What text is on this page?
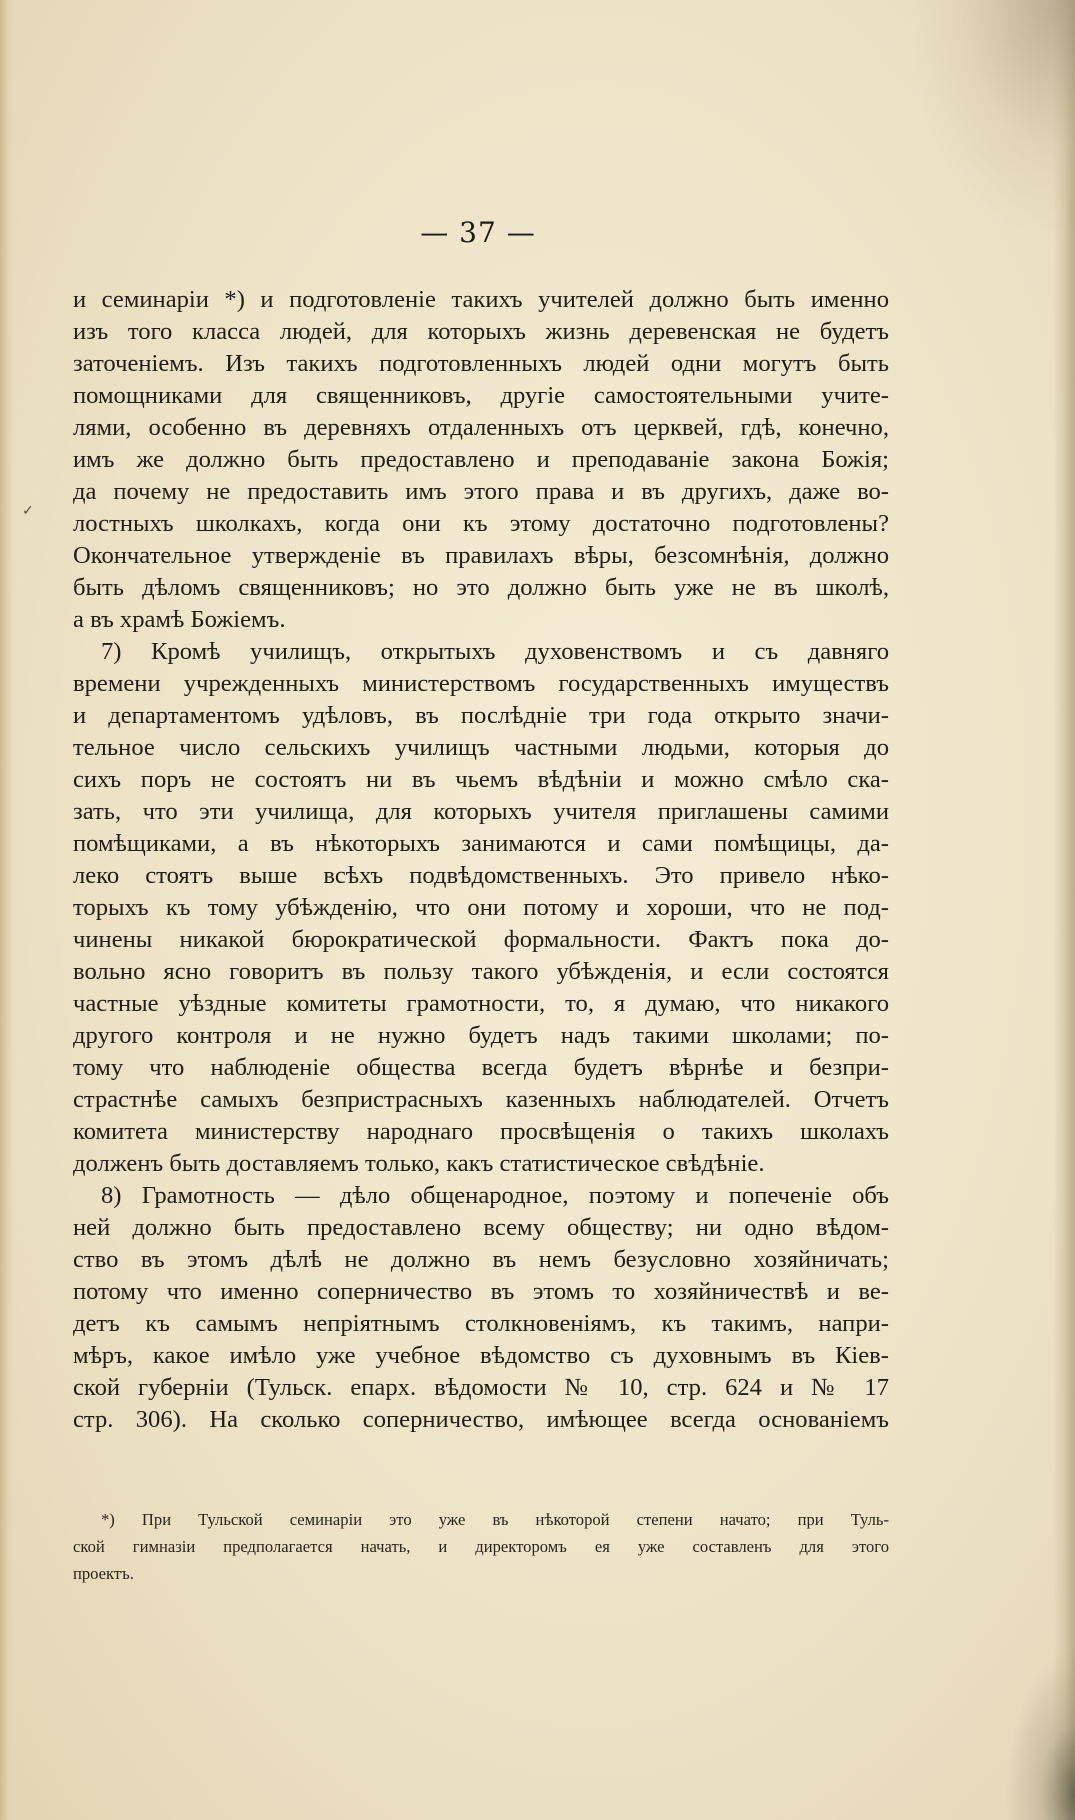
— 37 —
✓
и семинаріи *) и подготовленіе такихъ учителей должно быть именно
изъ того класса людей, для которыхъ жизнь деревенская не будетъ
заточеніемъ. Изъ такихъ подготовленныхъ людей одни могутъ быть
помощниками для священниковъ, другіе самостоятельными учите-
лями, особенно въ деревняхъ отдаленныхъ отъ церквей, гдѣ, конечно,
имъ же должно быть предоставлено и преподаваніе закона Божія;
да почему не предоставить имъ этого права и въ другихъ, даже во-
лостныхъ школкахъ, когда они къ этому достаточно подготовлены?
Окончательное утвержденіе въ правилахъ вѣры, безсомнѣнія, должно
быть дѣломъ священниковъ; но это должно быть уже не въ школѣ,
а въ храмѣ Божіемъ.
7) Кромѣ училищъ, открытыхъ духовенствомъ и съ давняго
времени учрежденныхъ министерствомъ государственныхъ имуществъ
и департаментомъ удѣловъ, въ послѣдніе три года открыто значи-
тельное число сельскихъ училищъ частными людьми, которыя до
сихъ поръ не состоятъ ни въ чьемъ вѣдѣніи и можно смѣло ска-
зать, что эти училища, для которыхъ учителя приглашены самими
помѣщиками, а въ нѣкоторыхъ занимаются и сами помѣщицы, да-
леко стоятъ выше всѣхъ подвѣдомственныхъ. Это привело нѣко-
торыхъ къ тому убѣжденію, что они потому и хороши, что не под-
чинены никакой бюрократической формальности. Фактъ пока до-
вольно ясно говоритъ въ пользу такого убѣжденія, и если состоятся
частные уѣздные комитеты грамотности, то, я думаю, что никакого
другого контроля и не нужно будетъ надъ такими школами; по-
тому что наблюденіе общества всегда будетъ вѣрнѣе и безпри-
страстнѣе самыхъ безпристрасныхъ казенныхъ наблюдателей. Отчетъ
комитета министерству народнаго просвѣщенія о такихъ школахъ
долженъ быть доставляемъ только, какъ статистическое свѣдѣніе.
8) Грамотность — дѣло общенародное, поэтому и попеченіе объ
ней должно быть предоставлено всему обществу; ни одно вѣдом-
ство въ этомъ дѣлѣ не должно въ немъ безусловно хозяйничать;
потому что именно соперничество въ этомъ то хозяйничествѣ и ве-
детъ къ самымъ непріятнымъ столкновеніямъ, къ такимъ, напри-
мѣръ, какое имѣло уже учебное вѣдомство съ духовнымъ въ Кіев-
ской губерніи (Тульск. епарх. вѣдомости № 10, стр. 624 и № 17
стр. 306). На сколько соперничество, имѣющее всегда основаніемъ
*) При Тульской семинаріи это уже въ нѣкоторой степени начато; при Туль-
ской гимназіи предполагается начать, и директоромъ ея уже составленъ для этого
проектъ.
